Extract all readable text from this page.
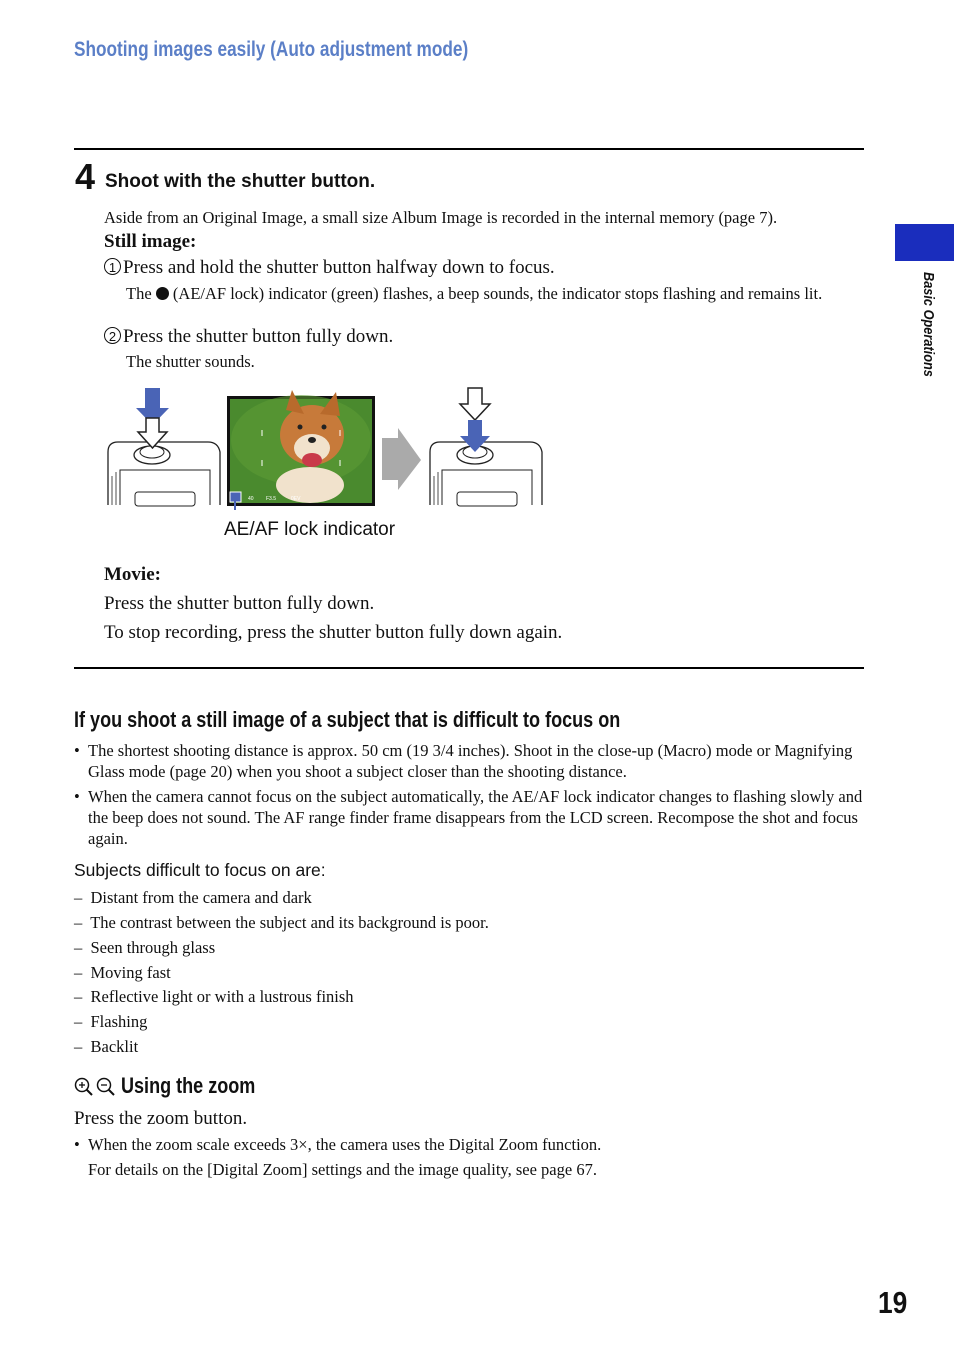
Shooting images easily (Auto adjustment mode)
Basic Operations
4 Shoot with the shutter button.
Aside from an Original Image, a small size Album Image is recorded in the internal memory (page 7).
Still image:
1 Press and hold the shutter button halfway down to focus.
The (AE/AF lock) indicator (green) flashes, a beep sounds, the indicator stops flashing and remains lit.
2 Press the shutter button fully down.
The shutter sounds.
40 F3.5	0EV
AE/AF lock indicator
Movie:
Press the shutter button fully down.
To stop recording, press the shutter button fully down again.
If you shoot a still image of a subject that is difficult to focus on
• The shortest shooting distance is approx. 50 cm (19 3/4 inches). Shoot in the close-up (Macro) mode or Magnifying Glass mode (page 20) when you shoot a subject closer than the shooting distance.
• When the camera cannot focus on the subject automatically, the AE/AF lock indicator changes to flashing slowly and the beep does not sound. The AF range finder frame disappears from the LCD screen. Recompose the shot and focus again.
Subjects difficult to focus on are:
–  Distant from the camera and dark
–  The contrast between the subject and its background is poor.
–  Seen through glass
–  Moving fast
–  Reflective light or with a lustrous finish
–  Flashing
–  Backlit
Using the zoom
Press the zoom button.
• When the zoom scale exceeds 3×, the camera uses the Digital Zoom function.
For details on the [Digital Zoom] settings and the image quality, see page 67.
19
